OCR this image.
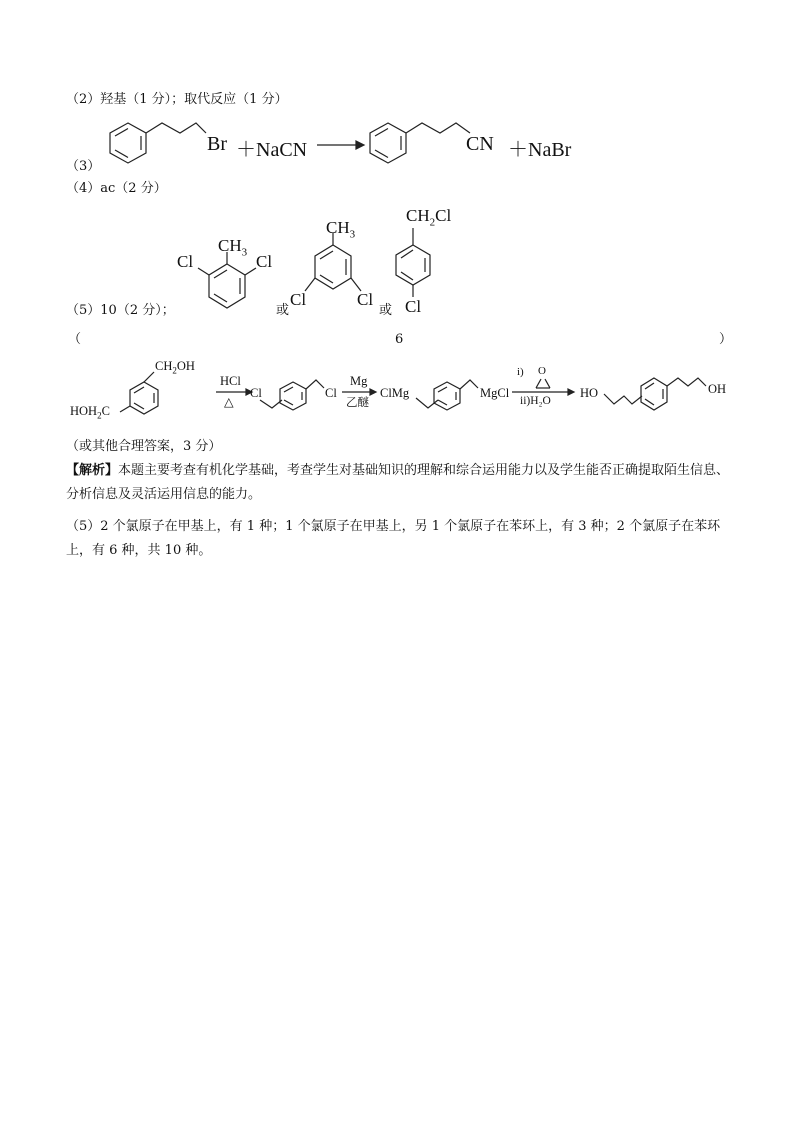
（2）羟基（1 分）；取代反应（1 分）
（3）
Br ＋NaCN	CN ＋NaBr
（4）ac（2 分）
（5）10（2 分）；
Cl
$CH_3$ Cl
或
$CH_3$
Cl	Cl
或
$CH_2Cl$
Cl
（	6	）
$CH_2OH$
$HOH_2C$
HCl
△
Cl	Cl
Mg
乙醚
ClMg	MgCl
i) O
ii)H₂O
HO	OH
（或其他合理答案，3 分）
【解析】本题主要考查有机化学基础，考查学生对基础知识的理解和综合运用能力以及学生能否正确提取陌生信息、分析信息及灵活运用信息的能力。
（5）2 个氯原子在甲基上，有 1 种；1 个氯原子在甲基上，另 1 个氯原子在苯环上，有 3 种；2 个氯原子在苯环上，有 6 种，共 10 种。
